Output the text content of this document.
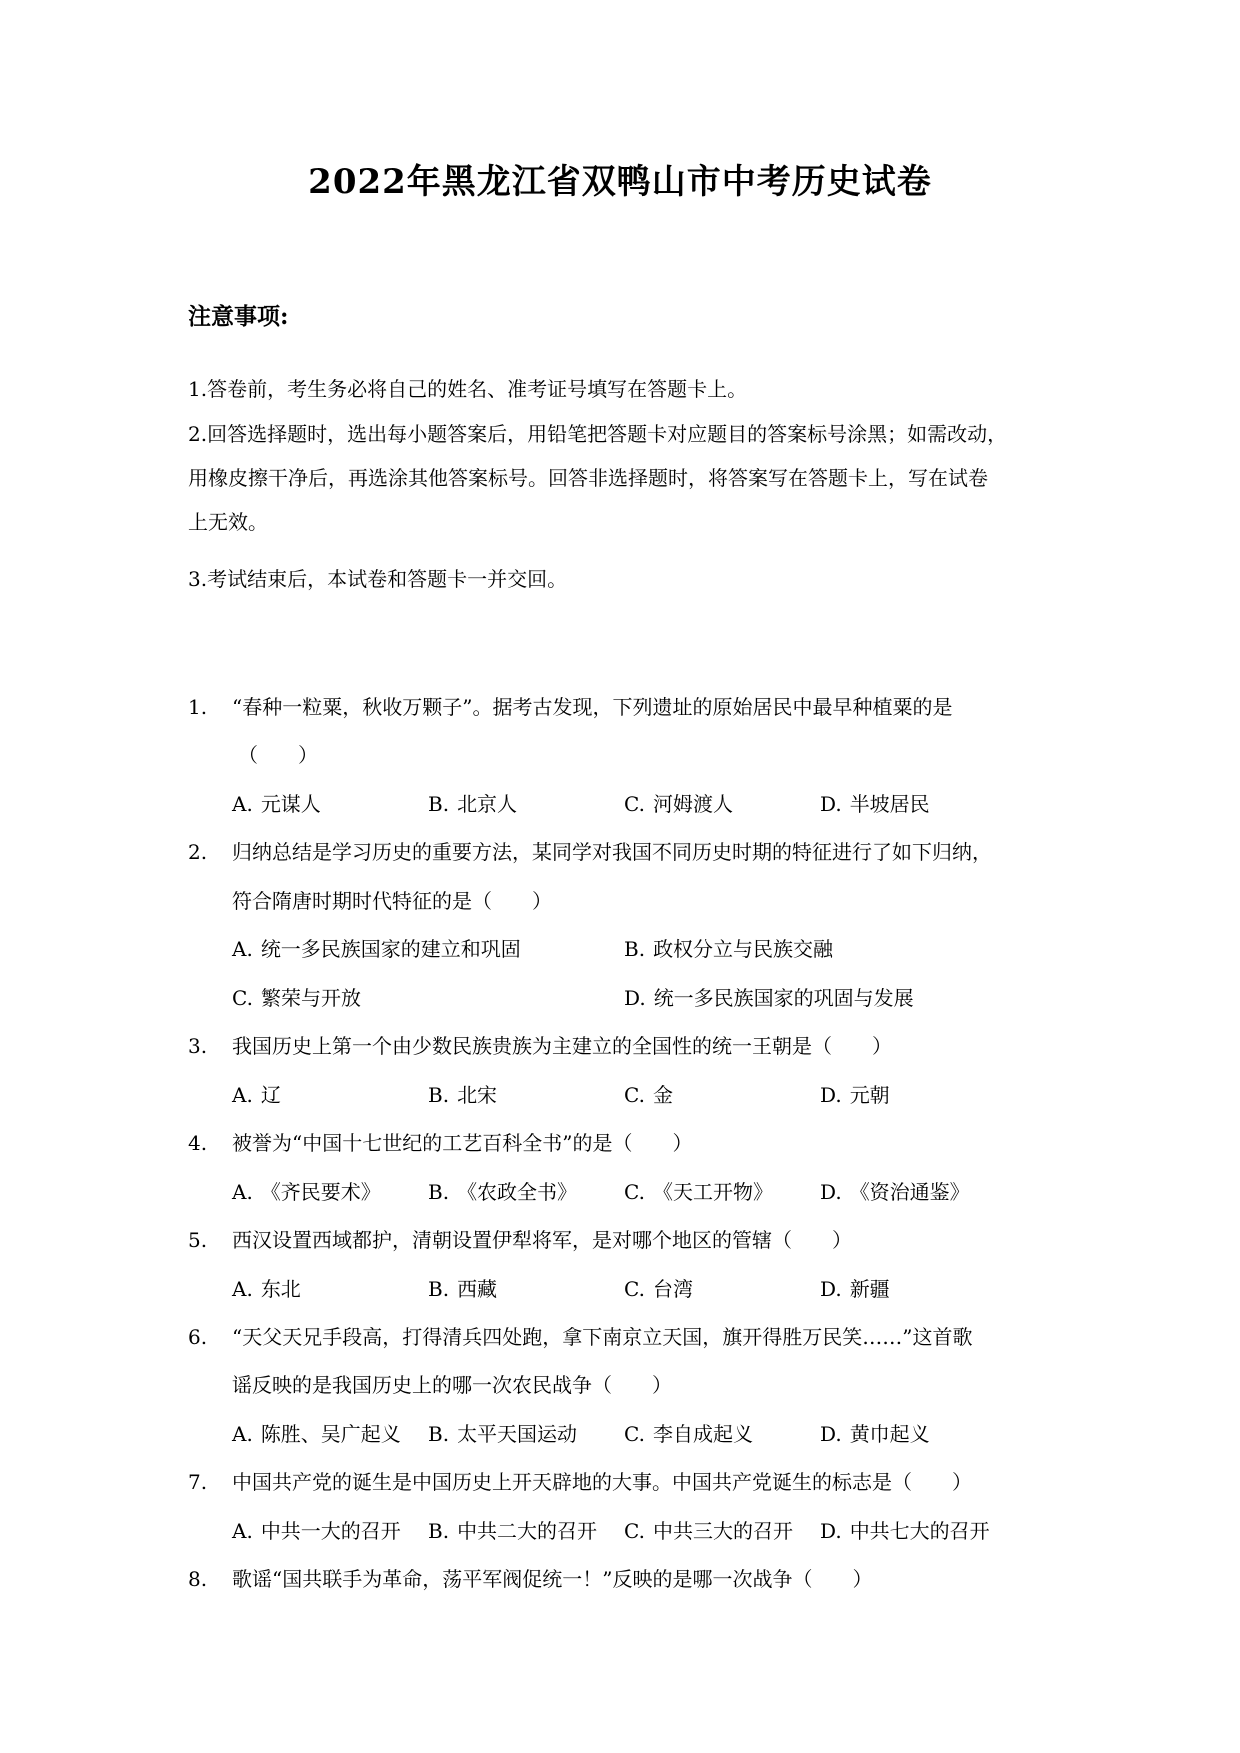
2022年黑龙江省双鸭山市中考历史试卷
注意事项:
1.答卷前，考生务必将自己的姓名、准考证号填写在答题卡上。
2.回答选择题时，选出每小题答案后，用铅笔把答题卡对应题目的答案标号涂黑；如需改动，
用橡皮擦干净后，再选涂其他答案标号。回答非选择题时，将答案写在答题卡上，写在试卷
上无效。
3.考试结束后，本试卷和答题卡一并交回。
1. “春种一粒粟，秋收万颗子”。据考古发现，下列遗址的原始居民中最早种植粟的是
（　　）
A. 元谋人	B. 北京人	C. 河姆渡人	D. 半坡居民
2. 归纳总结是学习历史的重要方法，某同学对我国不同历史时期的特征进行了如下归纳，
符合隋唐时期时代特征的是（　　）
A. 统一多民族国家的建立和巩固	B. 政权分立与民族交融
C. 繁荣与开放	D. 统一多民族国家的巩固与发展
3. 我国历史上第一个由少数民族贵族为主建立的全国性的统一王朝是（　　）
A. 辽	B. 北宋	C. 金	D. 元朝
4. 被誉为“中国十七世纪的工艺百科全书”的是（　　）
A. 《齐民要术》 B. 《农政全书》 C. 《天工开物》 D. 《资治通鉴》
5. 西汉设置西域都护，清朝设置伊犁将军，是对哪个地区的管辖（　　）
A. 东北	B. 西藏	C. 台湾	D. 新疆
6. “天父天兄手段高，打得清兵四处跑，拿下南京立天国，旗开得胜万民笑……”这首歌
谣反映的是我国历史上的哪一次农民战争（　　）
A. 陈胜、吴广起义 B. 太平天国运动 C. 李自成起义	D. 黄巾起义
7. 中国共产党的诞生是中国历史上开天辟地的大事。中国共产党诞生的标志是（　　）
A. 中共一大的召开 B. 中共二大的召开 C. 中共三大的召开 D. 中共七大的召开
8. 歌谣“国共联手为革命，荡平军阀促统一！”反映的是哪一次战争（　　）
